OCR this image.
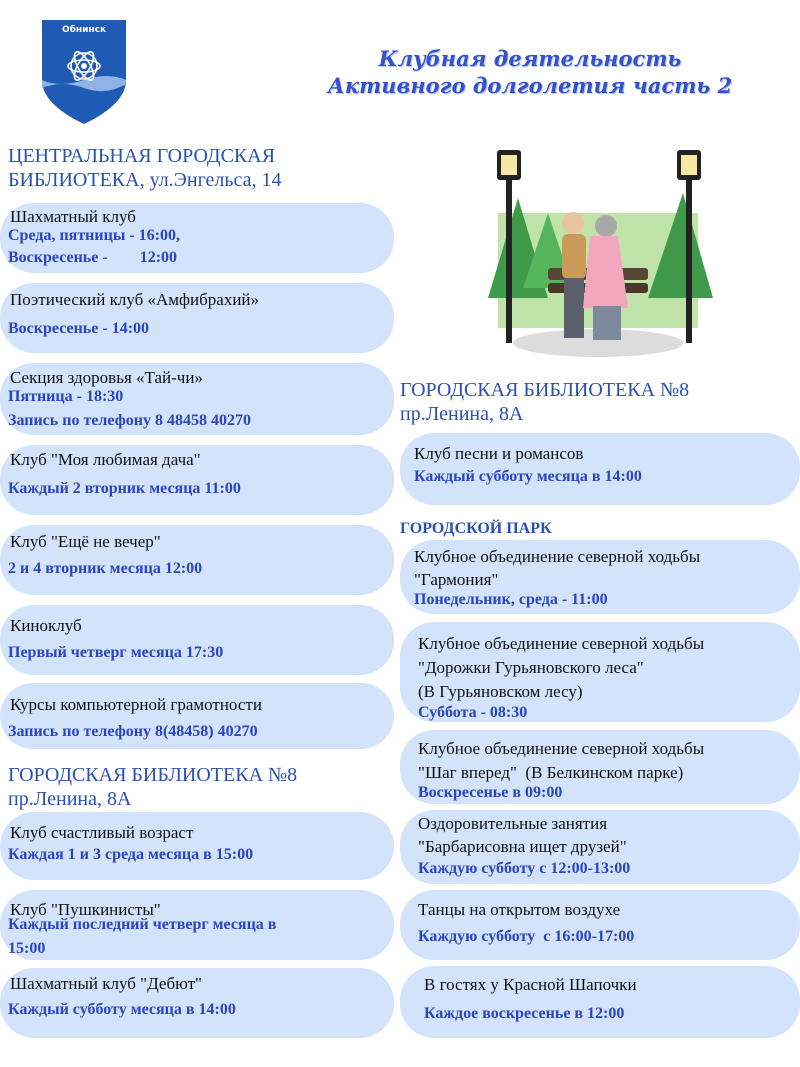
Обнинск
Клубная деятельность
Активного долголетия часть 2
ЦЕНТРАЛЬНАЯ ГОРОДСКАЯ
БИБЛИОТЕКА, ул.Энгельса, 14
Шахматный клуб
Среда, пятницы - 16:00,
Воскресенье -        12:00
Поэтический клуб «Амфибрахий»
Воскресенье - 14:00
Секция здоровья «Тай-чи»
Пятница - 18:30
Запись по телефону 8 48458 40270
Клуб "Моя любимая дача"
Каждый 2 вторник месяца 11:00
Клуб "Ещё не вечер"
2 и 4 вторник месяца 12:00
Киноклуб
Первый четверг месяца 17:30
Курсы компьютерной грамотности
Запись по телефону 8(48458) 40270
ГОРОДСКАЯ БИБЛИОТЕКА №8
пр.Ленина, 8А
Клуб счастливый возраст
Каждая 1 и 3 среда месяца в 15:00
Клуб "Пушкинисты"
Каждый последний четверг месяца в
15:00
Шахматный клуб "Дебют"
Каждый субботу месяца в 14:00
ГОРОДСКАЯ БИБЛИОТЕКА №8
пр.Ленина, 8А
Клуб песни и романсов
Каждый субботу месяца в 14:00
ГОРОДСКОЙ ПАРК
Клубное объединение северной ходьбы
"Гармония"
Понедельник, среда - 11:00
Клубное объединение северной ходьбы
"Дорожки Гурьяновского леса"
(В Гурьяновском лесу)
Суббота - 08:30
Клубное объединение северной ходьбы
"Шаг вперед"  (В Белкинском парке)
Воскресенье в 09:00
Оздоровительные занятия
"Барбарисовна ищет друзей"
Каждую субботу с 12:00-13:00
Танцы на открытом воздухе
Каждую субботу  с 16:00-17:00
В гостях у Красной Шапочки
Каждое воскресенье в 12:00
